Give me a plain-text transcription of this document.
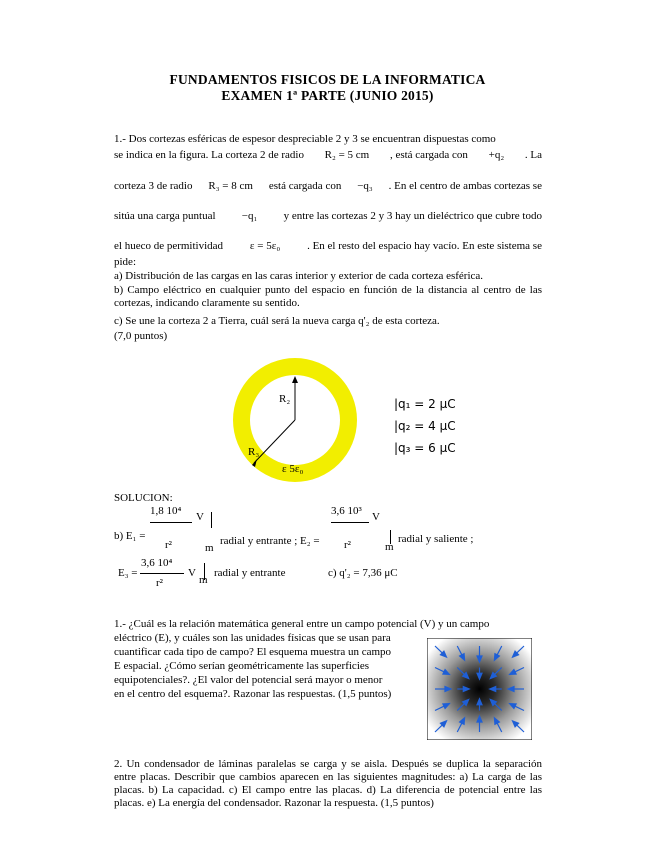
FUNDAMENTOS FISICOS DE LA INFORMATICA
EXAMEN 1ª PARTE (JUNIO 2015)
1.- Dos cortezas esféricas de espesor despreciable 2 y 3 se encuentran dispuestas como
se indica en la figura. La corteza 2 de radio R₂ = 5 cm , está cargada con +q₂ . La
corteza 3 de radio R₃ = 8 cm está cargada con −q₃ . En el centro de ambas cortezas se
sitúa una carga puntual −q₁ y entre las cortezas 2 y 3 hay un dieléctrico que cubre todo
el hueco de permitividad ε = 5ε₀ . En el resto del espacio hay vacío. En este sistema se
pide:
a) Distribución de las cargas en las caras interior y exterior de cada corteza esférica.
b) Campo eléctrico en cualquier punto del espacio en función de la distancia al centro de las cortezas, indicando claramente su sentido.
c) Se une la corteza 2 a Tierra, cuál será la nueva carga q'₂ de esta corteza.
(7,0 puntos)
R₂
R₃
ε 5ε₀
|q₁ = 2 μC
|q₂ = 4 μC
|q₃ = 6 μC
SOLUCION:
1,8 10⁴ V
r²	m
b) E₁ =	radial y entrante ; E₂ =
3,6 10³ V
r²	m
radial y saliente ;
E₃ =
3,6 10⁴
r²
V
m
radial y entrante	c) q'₂ = 7,36 μC
1.- ¿Cuál es la relación matemática general entre un campo potencial (V) y un campo
eléctrico (E), y cuáles son las unidades físicas que se usan para
cuantificar cada tipo de campo? El esquema muestra un campo
E espacial. ¿Cómo serían geométricamente las superficies
equipotenciales?. ¿El valor del potencial será mayor o menor
en el centro del esquema?. Razonar las respuestas. (1,5 puntos)
2. Un condensador de láminas paralelas se carga y se aisla. Después se duplica la separación entre placas. Describir que cambios aparecen en las siguientes magnitudes: a) La carga de las placas. b) La capacidad. c) El campo entre las placas. d) La diferencia de potencial entre las placas. e) La energía del condensador. Razonar la respuesta. (1,5 puntos)
